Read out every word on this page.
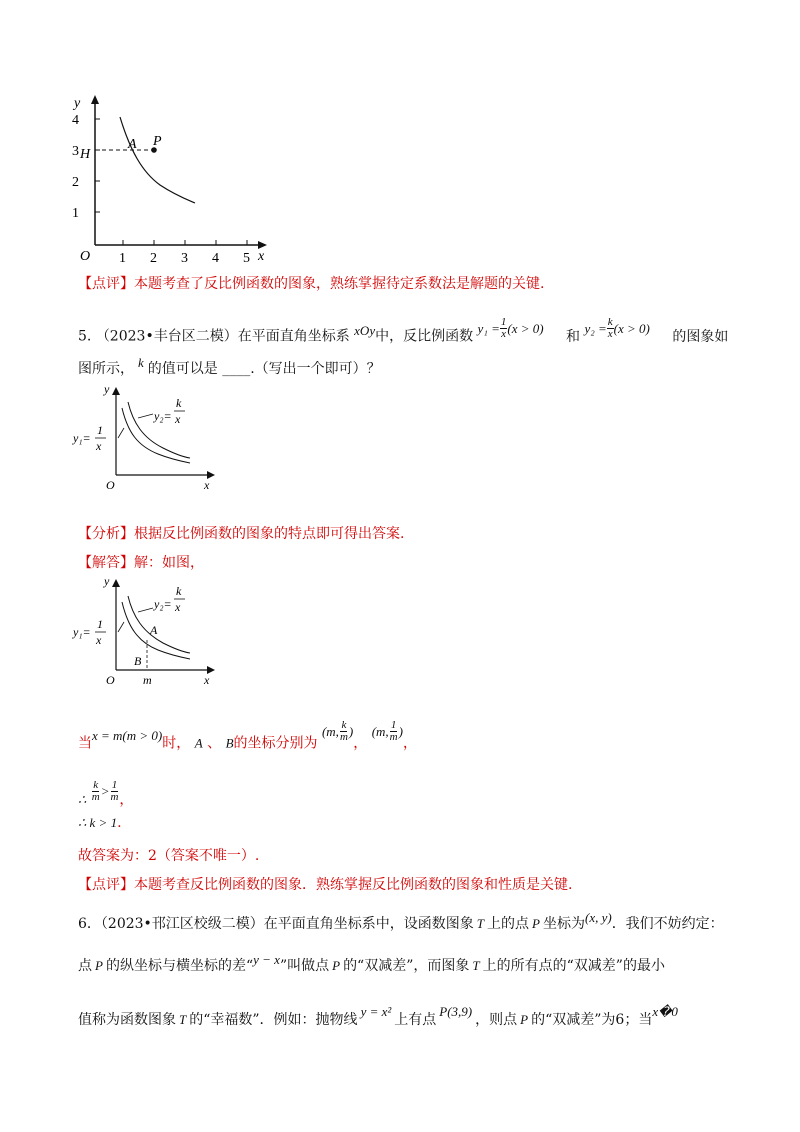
y
x
O
1
2
3
4
1 2 3 4 5
H
A P
【点评】本题考查了反比例函数的图象，熟练掌握待定系数法是解题的关键.
5. （2023•丰台区二模）在平面直角坐标系 xOy中，反比例函数 $y_1 = \frac{1}{x} (x > 0)$ 和 $y_2 = \frac{k}{x} (x > 0)$ 的图象如
图所示， k 的值可以是 ____.（写出一个即可）？
y
x
O
y₁=
1
x
y₂=
k
x
【分析】根据反比例函数的图象的特点即可得出答案.
【解答】解：如图，
y
x
O
y₁=
1
x
y₂=
k
x
A
B
m
当x = m(m > 0)时， A 、 B的坐标分别为 (m, $\frac{k}{m}$ )， (m, $\frac{1}{m}$ )，
∴ $\frac{k}{m} > \frac{1}{m}$ ，
∴ k > 1.
故答案为：2（答案不唯一）.
【点评】本题考查反比例函数的图象．熟练掌握反比例函数的图象和性质是关键.
6．（2023•邗江区校级二模）在平面直角坐标系中，设函数图象 T 上的点 P 坐标为(x, y)．我们不妨约定：
点 P 的纵坐标与横坐标的差“y − x”叫做点 P 的“双减差”，而图象 T 上的所有点的“双减差”的最小
值称为函数图象 T 的“幸福数”．例如：抛物线y = x²上有点P(3,9)，则点 P 的“双减差”为6；当x�0
